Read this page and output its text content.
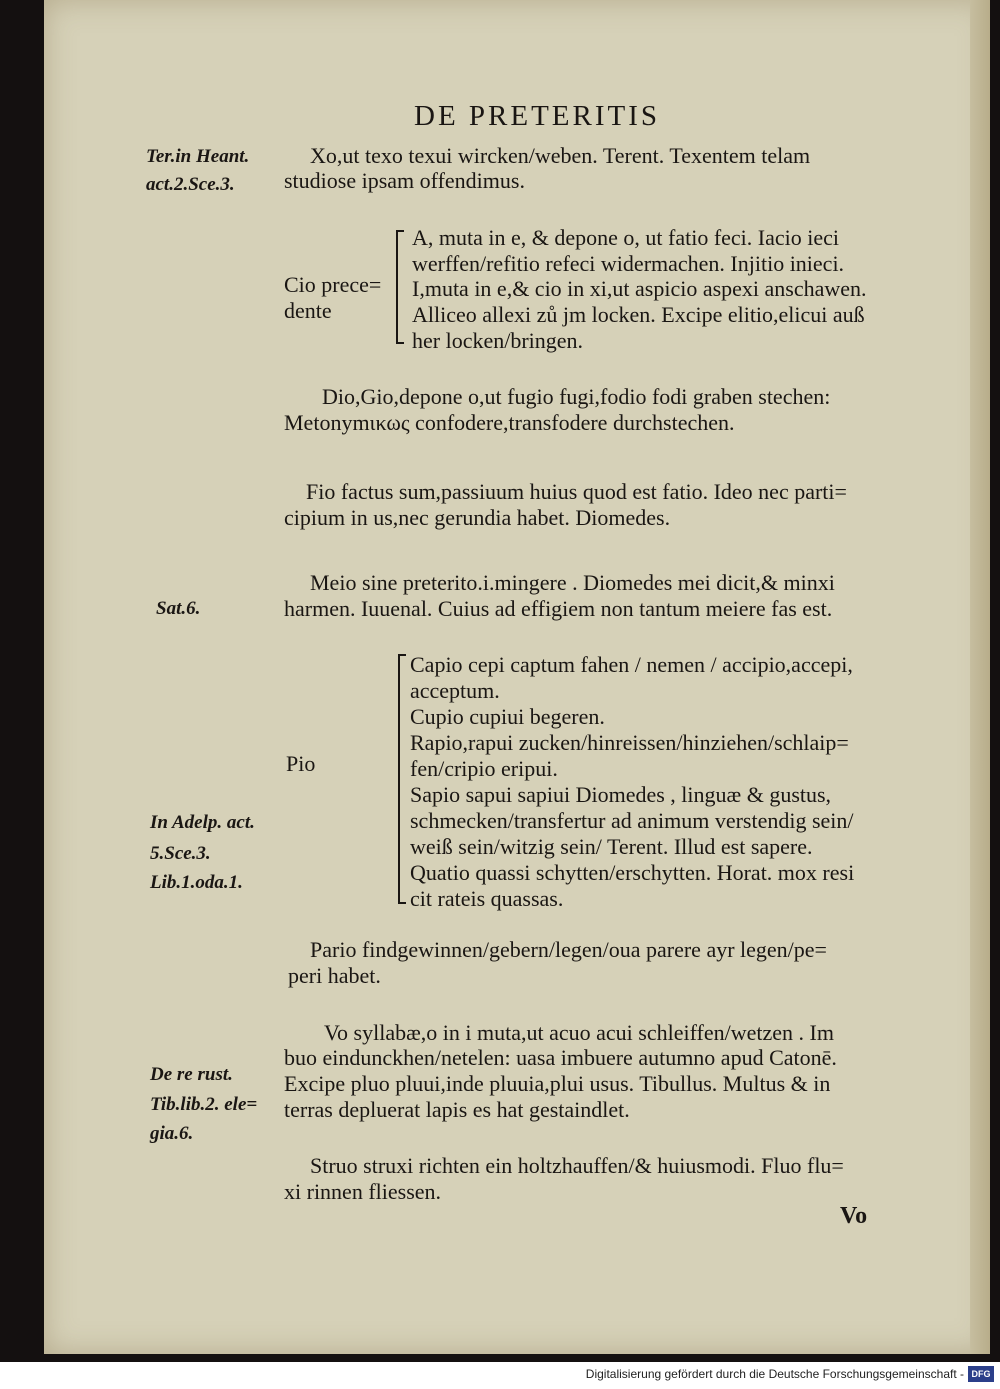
DE PRETERITIS
Ter.in Heant.
act.2.Sce.3.
Sat.6.
In Adelp. act.
5.Sce.3.
Lib.1.oda.1.
De re rust.
Tib.lib.2. ele=
gia.6.
Cio prece=
dente
Pio
Xo,ut texo texui wircken/weben. Terent. Texentem telam
studiose ipsam offendimus.
A, muta in e, & depone o, ut fatio feci. Iacio ieci
werffen/refitio refeci widermachen. Injitio inieci.
I,muta in e,& cio in xi,ut aspicio aspexi anschawen.
Alliceo allexi zů jm locken. Excipe elitio,elicui auß
her locken/bringen.
Dio,Gio,depone o,ut fugio fugi,fodio fodi graben stechen:
Metonymικως confodere,transfodere durchstechen.
Fio factus sum,passiuum huius quod est fatio. Ideo nec parti=
cipium in us,nec gerundia habet. Diomedes.
Meio sine preterito.i.mingere . Diomedes mei dicit,& minxi
harmen. Iuuenal. Cuius ad effigiem non tantum meiere fas est.
Capio cepi captum fahen / nemen / accipio,accepi,
acceptum.
Cupio cupiui begeren.
Rapio,rapui zucken/hinreissen/hinziehen/schlaip=
fen/cripio eripui.
Sapio sapui sapiui Diomedes , linguæ & gustus,
schmecken/transfertur ad animum verstendig sein/
weiß sein/witzig sein/ Terent. Illud est sapere.
Quatio quassi schytten/erschytten. Horat. mox resi
cit rateis quassas.
Pario findgewinnen/gebern/legen/oua parere ayr legen/pe=
peri habet.
Vo syllabæ,o in i muta,ut acuo acui schleiffen/wetzen . Im
buo eindunckhen/netelen: uasa imbuere autumno apud Catonē.
Excipe pluo pluui,inde pluuia,plui usus. Tibullus. Multus & in
terras depluerat lapis es hat gestaindlet.
Struo struxi richten ein holtzhauffen/& huiusmodi. Fluo flu=
xi rinnen fliessen.
Vo
Digitalisierung gefördert durch die Deutsche Forschungsgemeinschaft - DFG
